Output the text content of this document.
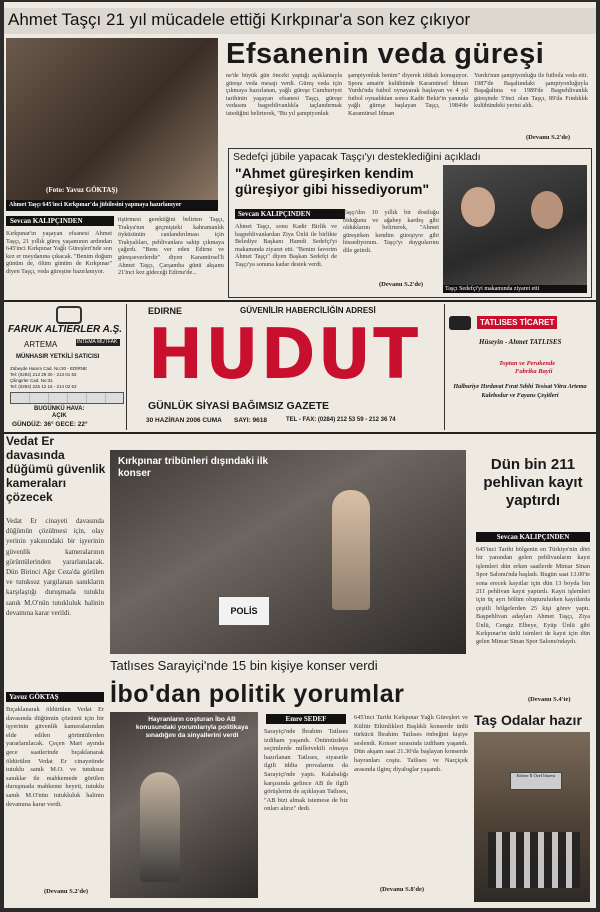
Ahmet Taşçı 21 yıl mücadele ettiği Kırkpınar'a son kez çıkıyor
(Foto: Yavuz GÖKTAŞ)
Ahmet Taşçı 645'inci Kırkpınar'da jübilesini yapmaya hazırlanıyor
Efsanenin veda güreşi
ne'de büyük gün önceki yaptığı açıklamayla güreşe veda mesajı verdi. Güreş veda için çıkmaya hazırlanan, yağlı güreşe Cumhuriyet tarihinin yaşayan efsanesi Taşçı, güreşe vedasını başpehlivanlıkla taçlandırmak istediğini belirterek, "Bu yıl şampiyonluk
şampiyonluk benim" diyerek iddialı konuşuyor. Spora amatör kulübünde Karamürsel İdman Yurdu'nda futbol oynayarak başlayan ve 4 yıl futbol oynadıktan sonra Kadir Bekir'in yanında yağlı güreşe başlayan Taşçı, 1984'de Karamürsel İdman
Yurdu'nun şampiyonluğu ile futbola veda etti. 1987'de Başaltındaki şampiyonluğuyla Başağaltına ve 1989'de Başpehlivanlık güreşinde 5'inci olan Taşçı, 89'da Fındıklık kulübündeki yerini aldı.
(Devamı S.2'de)
Sevcan KALIPÇINDEN
Kırkpınar'ın yaşayan efsanesi Ahmet Taşçı, 21 yıllık güreş yaşamının ardından 645'inci Kırkpınar Yağlı Güreşleri'nde son kez er meydanına çıkacak. "Benim doğum günüm de, ölüm günüm de Kırkpınar" diyen Taşçı, veda güreşine hazırlanıyor.
tiştirmesi gerektiğini belirten Taşçı, Trakya'nın geçmişteki kahramanlık öyküsünün canlandırılması için Trakyalıları, pehlivanlara sahip çıkmaya çağırdı. "Bens ver eden Edirne ve güreşseverlerdir" diyen Karamürsel'li Ahmet Taşçı, Çarşamba günü akşamı 21'inci kez gideceği Edirne'de...
Sedefçi jübile yapacak Taşçı'yı desteklediğini açıkladı
"Ahmet güreşirken kendim güreşiyor gibi hissediyorum"
Sevcan KALIPÇINDEN
Ahmet Taşçı, sonu Kadir Birlik ve başpehlivanlardan Ziya Ünlü ile birlikte Belediye Başkanı Hamdi Sedefçi'yi makamında ziyaret etti. "Benim favorim Ahmet Taşçı" diyen Başkan Sedefçi de Taşçı'ya sonuna kadar destek verdi.
Taşçı'dın 10 yıllık bir dostluğu olduğunu ve ağabey kardeş gibi olduklarını belirterek, "Ahmet güreşirken kendim güreşiyor gibi hissediyorum. Taşçı'yı duygularımı dile getirdi.
(Devamı S.2'de)
Taşçı Sedefçi'yi makamında ziyaret etti
FARUK ALTIERLER A.Ş.
ARTEMA	İNTEMA MUTFAK
MÜNHASIR YETKİLİ SATICISI
Zübeyde Hanım Cad. No:30 - EDİRNE
Tel: (0284) 213 29 30 - 213 01 62
Çilingirler Cad. No:31
Tel: (0284) 225 12 16 - 214 02 53
BUGÜNKÜ HAVA:
AÇIK
GÜNDÜZ: 36° GECE: 22°
EDIRNE	GÜVENİLİR HABERCİLİĞİN ADRESİ
HUDUT
GÜNLÜK SİYASİ BAĞIMSIZ GAZETE
30 HAZİRAN 2006 CUMA SAYI: 9618	TEL - FAX: (0284) 212 53 59 - 212 36 74
TATLISES TİCARET
Hüseyin - Ahmet TATLISES
Toptan ve Perakende
Fabrika Bayii
Halburiye Hırdavat Fırat Sıhhi Tesisat Vitra Artema Kalebodur ve Fayans Çeşitleri
Vedat Er davasında düğümü güvenlik kameraları çözecek
Vedat Er cinayeti davasında düğümün çözülmesi için, olay yerinin yakınındaki bir işyerinin güvenlik kameralarının görüntülerinden yararlanılacak. Dün Birinci Ağır Ceza'da görülen ve tutuksuz yargılanan sanıkların karşılaştığı duruşmada tutuklu sanık M.O'nün tutukluluk halinin devamına karar verildi.
Yavuz GÖKTAŞ
Bıçaklanarak öldürülen Vedat Er davasında düğümün çözümü için bir işyerinin güvenlik kameralarından elde edilen görüntülerden yararlanılacak. Çeçen Mart ayında gece saatlerinde bıçaklanarak öldürülen Vedat Er cinayetinde tutuklu sanık M.O. ve tutuksuz sanıklar ile mahkemede görülen duruşmada mahkeme heyeti, tutuklu sanık M.O'nün tutukluluk halinin devamına karar verdi.
(Devamı S.2'de)
Kırkpınar tribünleri dışındaki ilk konser
POLİS
Tatlıses Sarayiçi'nde 15 bin kişiye konser verdi
İbo'dan politik yorumlar
Hayranların coşturan İbo AB konusundaki yorumlarıyla politikaya sınadığını da sinyallerini verdi
Emre SEDEF
Sarayiçi'nde İbrahim Tatlıses izdiham yaşandı. Önümüzdeki seçimlerde milletvekili olmaya hazırlanan Tatlıses, siyasetle ilgili iddia provalarını da Sarayiçi'nde yaptı. Kalabalığı karşısında gelince AB ile ilgili görüşlerini de açıklayan Tatlıses, "AB bizi almak istemese de biz onları alırız" dedi.
645'inci Tarihi Kırkpınar Yağlı Güreşleri ve Kültür Etkinlikleri Başlıklı konserde ünlü türkücü İbrahim Tatlıses önbeğini kişiye seslendi. Konser sırasında izdiham yaşandı. Dün akşam saat 21.30'da başlayan konserde hayranları coştu. Tatlıses ve Narçiçek arasında ilginç diyaloglar yaşandı.
(Devamı S.8'de)
Dün bin 211 pehlivan kayıt yaptırdı
Sevcan KALIPÇINDEN
645'inci Tarihi bölgenin en Türkiye'nin dört bir yanından gelen pehlivanların kayıt işlemleri dün erken saatlerde Mimar Sinan Spor Salonu'nda başladı. Bugün saat 13.00'te sona erecek kayıtlar için dün 13 boyda bin 211 pehlivan kayıt yaptırdı. Kayıt işlemleri için üç ayrı bölüm oluşturulurken kayıtlarda çeşitli bölgelerden 25 kişi görev yaptı. Başpehlivan adayları Ahmet Taşçı, Ziya Ünlü, Cengiz Elbeye, Eyüp Ünlü gibi Kırkpınar'ın ünlü isimleri de kayıt için dün gelen Mimar Sinan Spor Salonu'ndaydı.
(Devamı S.4'te)
Taş Odalar hazır
Edirne İl Özel İdaresi
